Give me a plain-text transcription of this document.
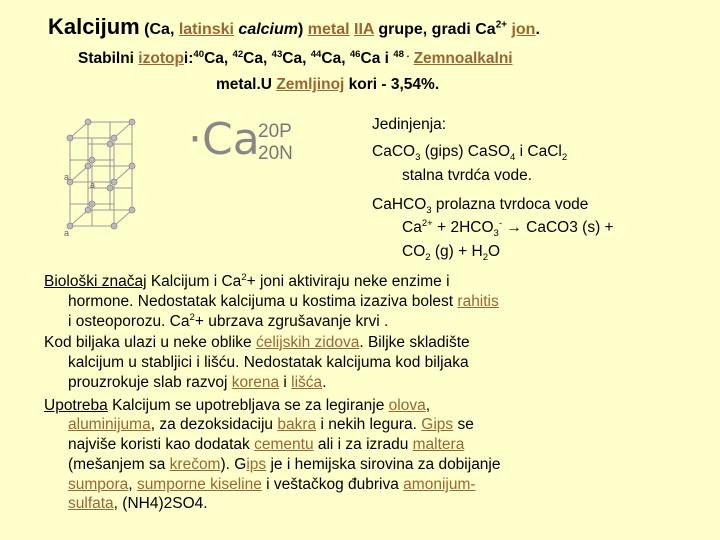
Kalcijum (Ca, latinski calcium) metal IIA grupe, gradi $Ca^{2+}$ jon.
Stabilni izotopi:$^{40}$Ca, $^{42}$Ca, $^{43}$Ca, $^{44}$Ca, $^{46}$Ca i $^{48 .}$ Zemnoalkalni
metal.U Zemljinoj kori - 3,54%.
a
a
a
·Ca
20P
20N
Jedinjenja:
CaCO$_3$ (gips) CaSO$_4$ i CaCl$_2$
stalna tvrdća vode.
CaHCO$_3$ prolazna tvrdoca vode
$Ca^{2+} + 2HCO_3^-$ → CaCO3 (s) +
$CO_2$ $(g) + H_2O$
Biološki značaj Kalcijum i $Ca^2+$ joni aktiviraju neke enzime i
hormone. Nedostatak kalcijuma u kostima izaziva bolest rahitis
i osteoporozu. $Ca^2+$ ubrzava zgrušavanje krvi .
Kod biljaka ulazi u neke oblike ćelijskih zidova. Biljke skladište
kalcijum u stabljici i lišću. Nedostatak kalcijuma kod biljaka
prouzrokuje slab razvoj korena i lišća.
Upotreba Kalcijum se upotrebljava se za legiranje olova,
aluminijuma, za dezoksidaciju bakra i nekih legura. Gips se
najviše koristi kao dodatak cementu ali i za izradu maltera
(mešanjem sa krečom). Gips je i hemijska sirovina za dobijanje
sumpora, sumporne kiseline i veštačkog đubriva amonijum-
sulfata, (NH4)2SO4.
